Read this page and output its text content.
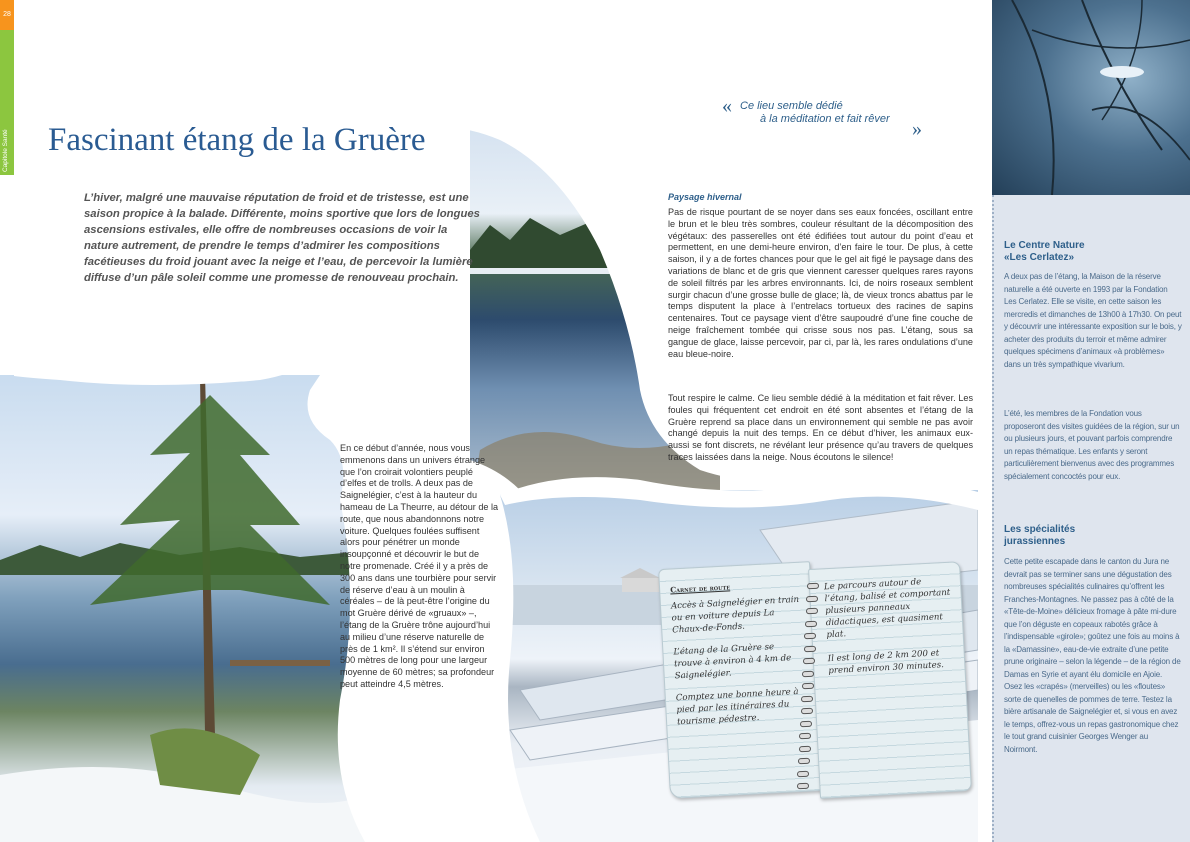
28
Capitole Santé
Le Centre Nature
«Les Cerlatez»
A deux pas de l’étang, la Maison de la réserve naturelle a été ouverte en 1993 par la Fondation Les Cerlatez. Elle se visite, en cette saison les mercredis et dimanches de 13h00 à 17h30. On peut y découvrir une intéressante exposition sur le bois, y acheter des produits du terroir et même admirer quelques spécimens d’animaux «à problèmes» dans un très sympathique vivarium.
L’été, les membres de la Fondation vous proposeront des visites guidées de la région, sur un ou plusieurs jours, et pouvant parfois comprendre un repas thématique. Les enfants y seront particulièrement bienvenus avec des programmes spécialement concoctés pour eux.
Les spécialités
jurassiennes
Cette petite escapade dans le canton du Jura ne devrait pas se terminer sans une dégustation des nombreuses spécialités culinaires qu’offrent les Franches-Montagnes. Ne passez pas à côté de la «Tête-de-Moine» délicieux fromage à pâte mi-dure que l’on déguste en copeaux rabotés grâce à l’indispensable «girole»; goûtez une fois au moins à la «Damassine», eau-de-vie extraite d’une petite prune originaire – selon la légende – de la région de Damas en Syrie et ayant élu domicile en Ajoie. Osez les «crapés» (merveilles) ou les «floutes» sorte de quenelles de pommes de terre. Testez la bière artisanale de Saignelégier et, si vous en avez le temps, offrez-vous un repas gastronomique chez le tout grand cuisinier Georges Wenger au Noirmont.
Fascinant étang de la Gruère
L’hiver, malgré une mauvaise réputation de froid et de tristesse, est une saison propice à la balade. Différente, moins sportive que lors de longues ascensions estivales, elle offre de nombreuses occasions de voir la nature autrement, de prendre le temps d’admirer les compositions facétieuses du froid jouant avec la neige et l’eau, de percevoir la lumière diffuse d’un pâle soleil comme une promesse de renouveau prochain.
« Ce lieu semble dédié
à la méditation et fait rêver	»
Paysage hivernal
Pas de risque pourtant de se noyer dans ses eaux foncées, oscillant entre le brun et le bleu très sombres, couleur résultant de la décomposition des végétaux: des passerelles ont été édifiées tout autour du point d’eau et permettent, en une demi-heure environ, d’en faire le tour. De plus, à cette saison, il y a de fortes chances pour que le gel ait figé le paysage dans des variations de blanc et de gris que viennent caresser quelques rares rayons de soleil filtrés par les arbres environnants. Ici, de noirs roseaux semblent surgir chacun d’une grosse bulle de glace; là, de vieux troncs abattus par le temps disputent la place à l’entrelacs tortueux des racines de sapins centenaires. Tout ce paysage vient d’être saupoudré d’une fine couche de neige fraîchement tombée qui crisse sous nos pas. L’étang, sous sa gangue de glace, laisse percevoir, par ci, par là, les rares ondulations d’une eau bleue-noire.
Tout respire le calme. Ce lieu semble dédié à la méditation et fait rêver. Les foules qui fréquentent cet endroit en été sont absentes et l’étang de la Gruère reprend sa place dans un environnement qui semble ne pas avoir changé depuis la nuit des temps. En ce début d’hiver, les animaux eux-aussi se font discrets, ne révélant leur présence qu’au travers de quelques traces laissées dans la neige. Nous écoutons le silence!
En ce début d’année, nous vous emmenons dans un univers étrange que l’on croirait volontiers peuplé d’elfes et de trolls. A deux pas de Saignelégier, c’est à la hauteur du hameau de La Theurre, au détour de la route, que nous abandonnons notre voiture. Quelques foulées suffisent alors pour pénétrer un monde insoupçonné et découvrir le but de notre promenade. Créé il y a près de 300 ans dans une tourbière pour servir de réserve d’eau à un moulin à céréales – de là peut-être l’origine du mot Gruère dérivé de «gruaux» –, l’étang de la Gruère trône aujourd’hui au milieu d’une réserve naturelle de près de 1 km². Il s’étend sur environ 500 mètres de long pour une largeur moyenne de 60 mètres; sa profondeur peut atteindre 4,5 mètres.
Carnet de route
Accès à Saignelégier en train ou en voiture depuis La Chaux-de-Fonds.
L’étang de la Gruère se trouve à environ à 4 km de Saignelégier.
Comptez une bonne heure à pied par les itinéraires du tourisme pédestre.
Le parcours autour de l’étang, balisé et comportant plusieurs panneaux didactiques, est quasiment plat.
Il est long de 2 km 200 et prend environ 30 minutes.
